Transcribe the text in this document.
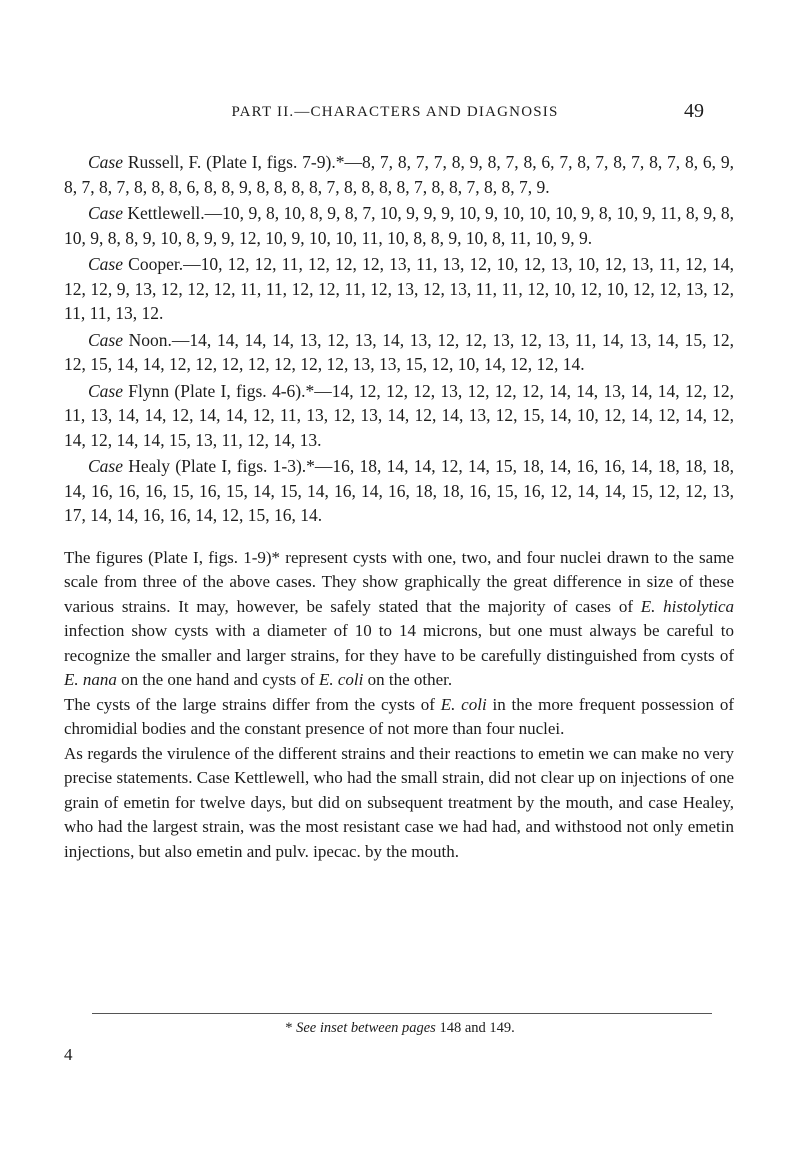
PART II.—CHARACTERS AND DIAGNOSIS	49

Case Russell, F. (Plate I, figs. 7-9).*—8, 7, 8, 7, 7, 8, 9, 8, 7, 8, 6, 7, 8, 7, 8, 7, 8, 7, 8, 6, 9, 8, 7, 8, 7, 8, 8, 8, 6, 8, 8, 9, 8, 8, 8, 8, 7, 8, 8, 8, 8, 7, 8, 8, 7, 8, 8, 7, 9.

Case Kettlewell.—10, 9, 8, 10, 8, 9, 8, 7, 10, 9, 9, 9, 10, 9, 10, 10, 10, 9, 8, 10, 9, 11, 8, 9, 8, 10, 9, 8, 8, 9, 10, 8, 9, 9, 12, 10, 9, 10, 10, 11, 10, 8, 8, 9, 10, 8, 11, 10, 9, 9.

Case Cooper.—10, 12, 12, 11, 12, 12, 12, 13, 11, 13, 12, 10, 12, 13, 10, 12, 13, 11, 12, 14, 12, 12, 9, 13, 12, 12, 12, 11, 11, 12, 12, 11, 12, 13, 12, 13, 11, 11, 12, 10, 12, 10, 12, 12, 13, 12, 11, 11, 13, 12.

Case Noon.—14, 14, 14, 14, 13, 12, 13, 14, 13, 12, 12, 13, 12, 13, 11, 14, 13, 14, 15, 12, 12, 15, 14, 14, 12, 12, 12, 12, 12, 12, 12, 13, 13, 15, 12, 10, 14, 12, 12, 14.

Case Flynn (Plate I, figs. 4-6).*—14, 12, 12, 12, 13, 12, 12, 12, 14, 14, 13, 14, 14, 12, 12, 11, 13, 14, 14, 12, 14, 14, 12, 11, 13, 12, 13, 14, 12, 14, 13, 12, 15, 14, 10, 12, 14, 12, 14, 12, 14, 12, 14, 14, 15, 13, 11, 12, 14, 13.

Case Healy (Plate I, figs. 1-3).*—16, 18, 14, 14, 12, 14, 15, 18, 14, 16, 16, 14, 18, 18, 18, 14, 16, 16, 16, 15, 16, 15, 14, 15, 14, 16, 14, 16, 18, 18, 16, 15, 16, 12, 14, 14, 15, 12, 12, 13, 17, 14, 14, 16, 16, 14, 12, 15, 16, 14.

The figures (Plate I, figs. 1-9)* represent cysts with one, two, and four nuclei drawn to the same scale from three of the above cases. They show graphically the great difference in size of these various strains. It may, however, be safely stated that the majority of cases of E. histolytica infection show cysts with a diameter of 10 to 14 microns, but one must always be careful to recognize the smaller and larger strains, for they have to be carefully distinguished from cysts of E. nana on the one hand and cysts of E. coli on the other.

The cysts of the large strains differ from the cysts of E. coli in the more frequent possession of chromidial bodies and the constant presence of not more than four nuclei.

As regards the virulence of the different strains and their reactions to emetin we can make no very precise statements. Case Kettlewell, who had the small strain, did not clear up on injections of one grain of emetin for twelve days, but did on subsequent treatment by the mouth, and case Healey, who had the largest strain, was the most resistant case we had had, and withstood not only emetin injections, but also emetin and pulv. ipecac. by the mouth.

* See inset between pages 148 and 149.
4
